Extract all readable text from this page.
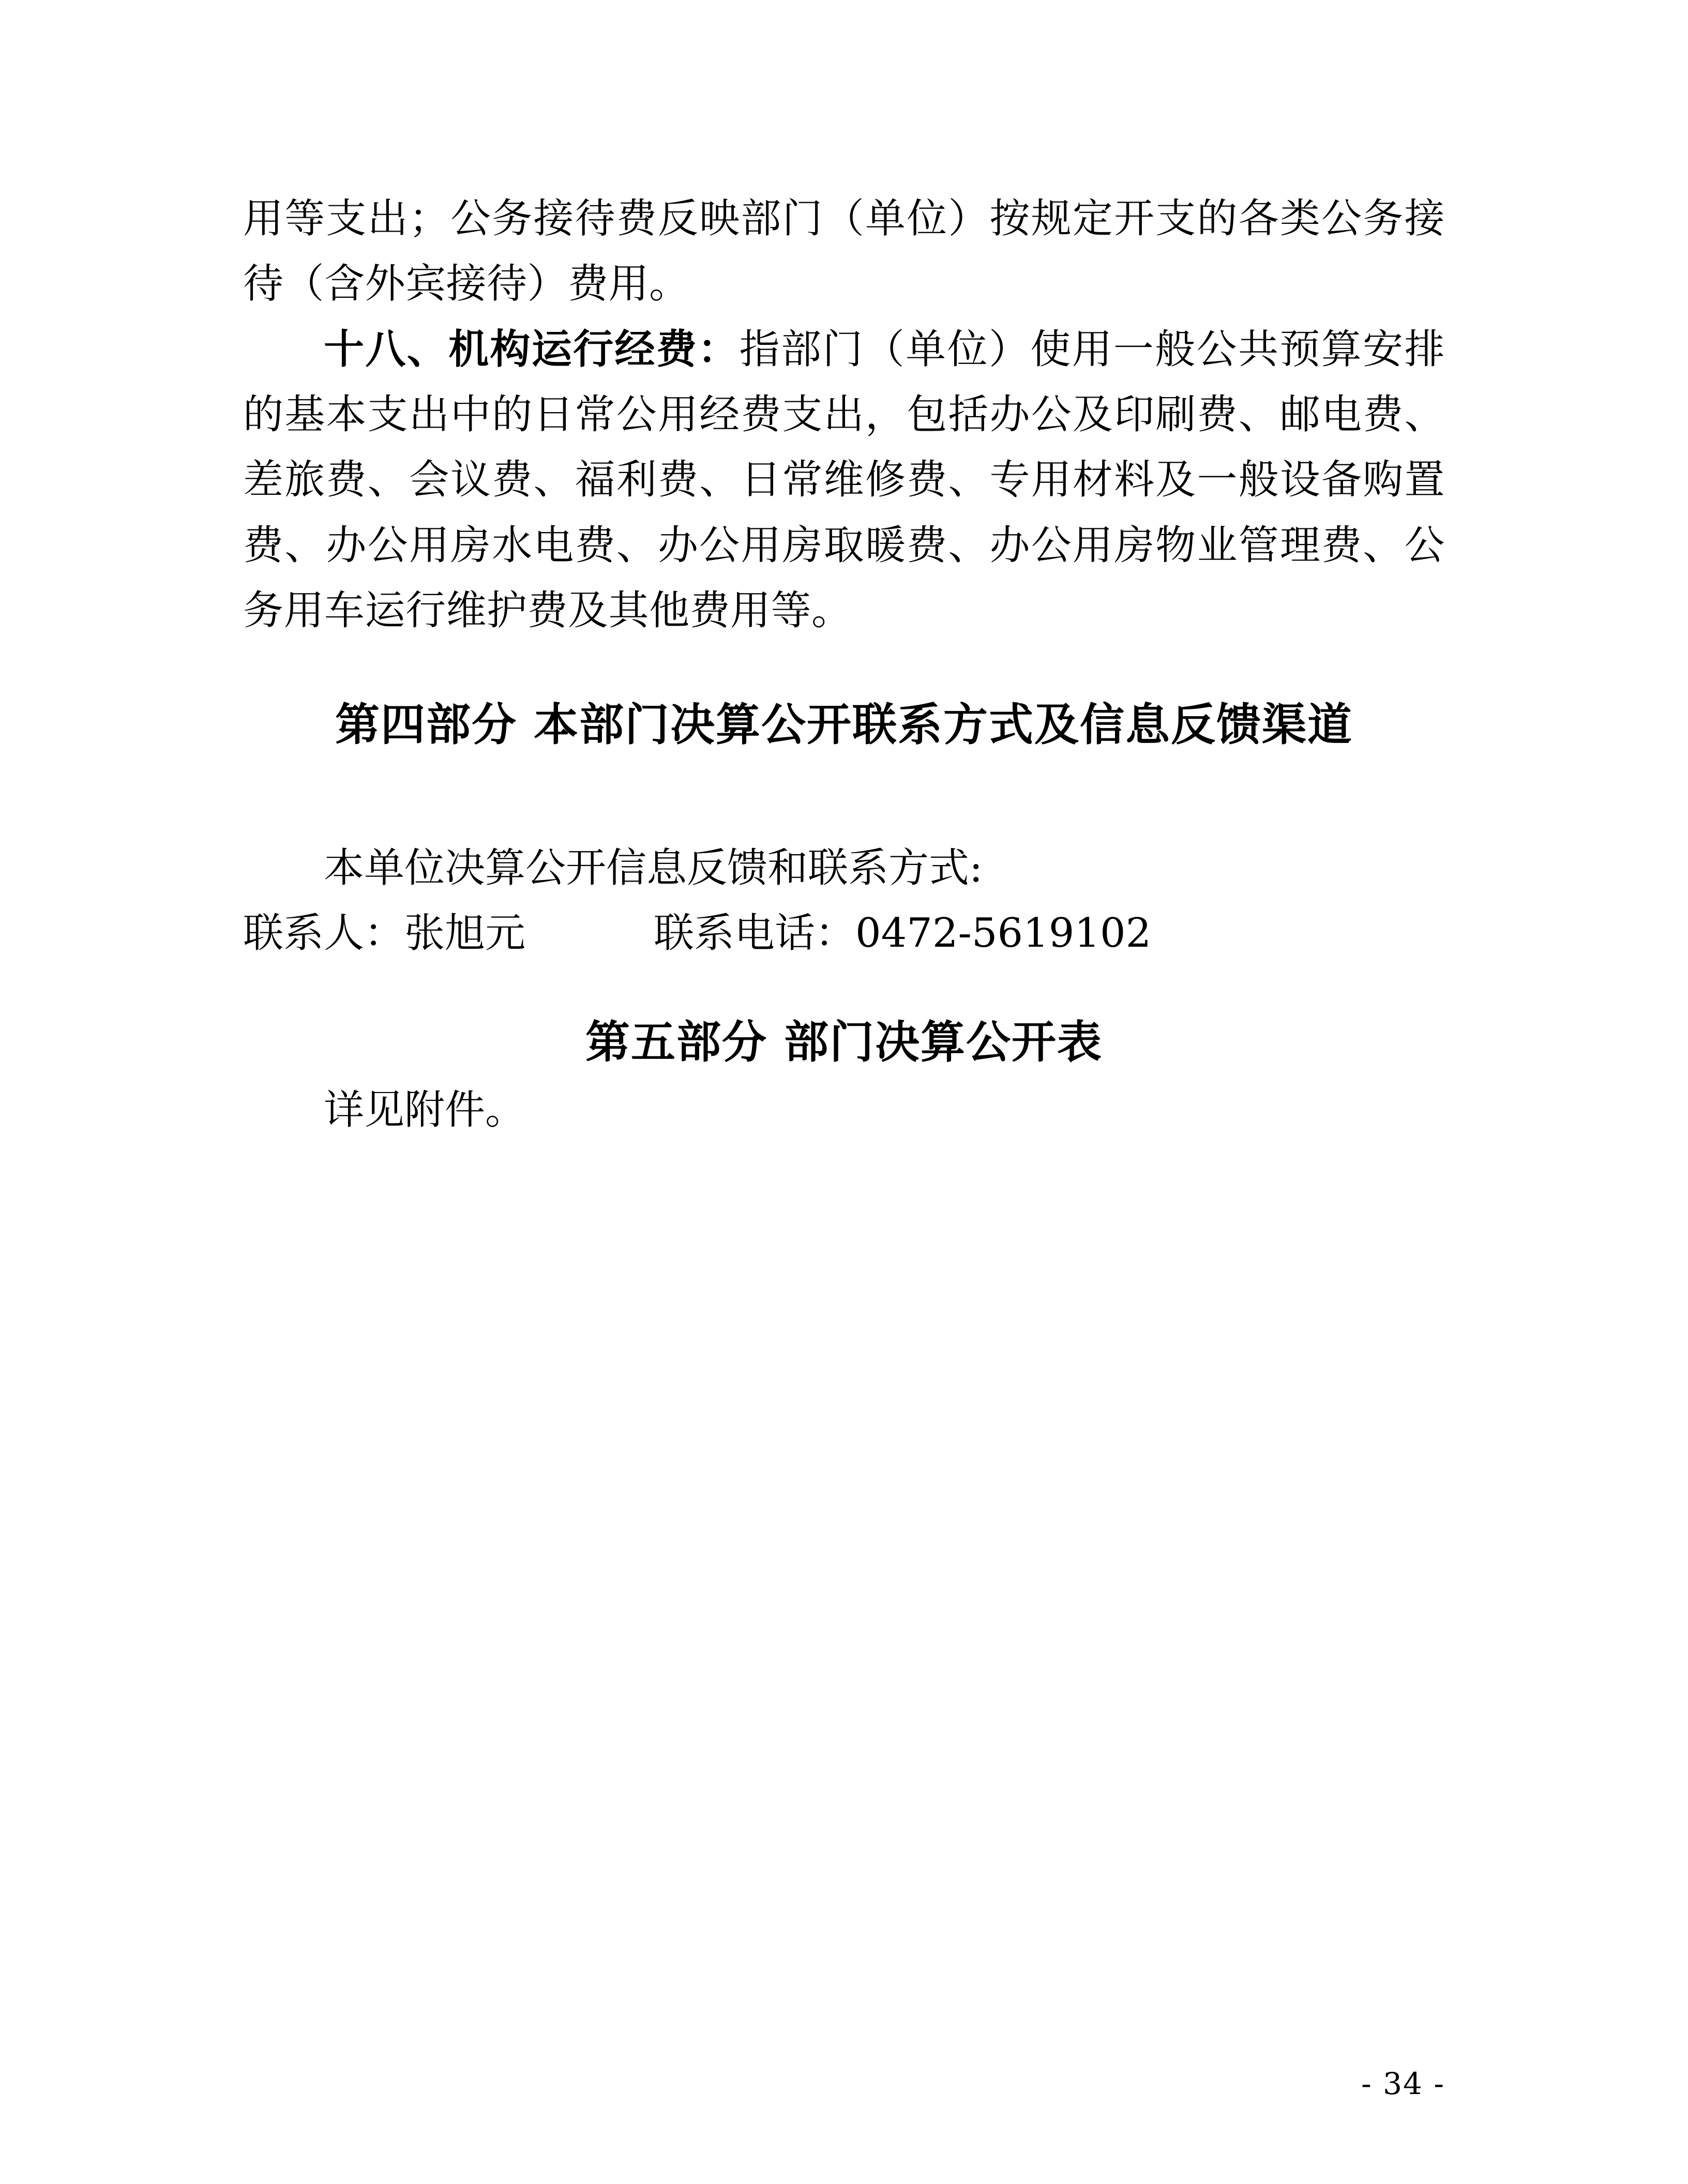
用等支出；公务接待费反映部门（单位）按规定开支的各类公务接待（含外宾接待）费用。

十八、机构运行经费：指部门（单位）使用一般公共预算安排的基本支出中的日常公用经费支出，包括办公及印刷费、邮电费、差旅费、会议费、福利费、日常维修费、专用材料及一般设备购置费、办公用房水电费、办公用房取暖费、办公用房物业管理费、公务用车运行维护费及其他费用等。

第四部分 本部门决算公开联系方式及信息反馈渠道

本单位决算公开信息反馈和联系方式:

联系人：张旭元	联系电话：0472-5619102

第五部分 部门决算公开表

详见附件。

- 34 -
